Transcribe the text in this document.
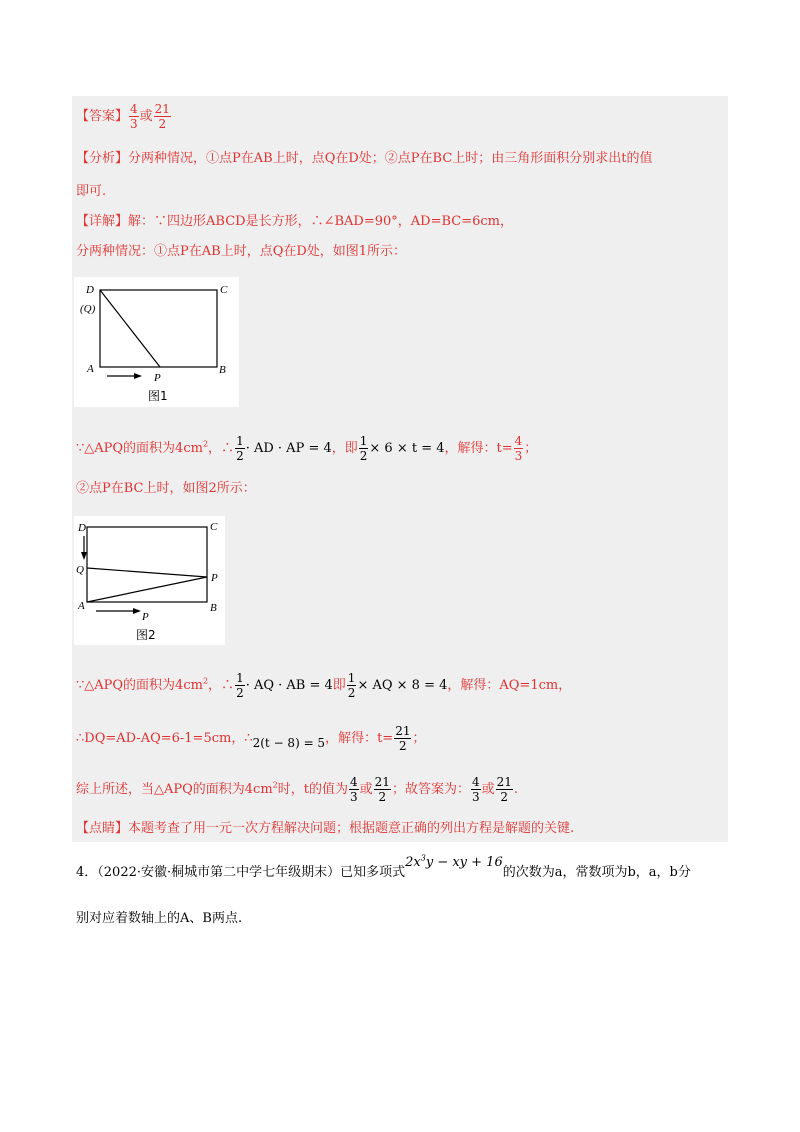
【答案】 $\frac{4}{3}$ 或 $\frac{21}{2}$
【分析】分两种情况，①点P在AB上时，点Q在D处；②点P在BC上时；由三角形面积分别求出t的值
即可.
【详解】解：∵四边形ABCD是长方形，∴∠BAD=90°，AD=BC=6cm，
分两种情况：①点P在AB上时，点Q在D处，如图1所示：
D
(Q)
C
A	B
P
图1
∵△APQ的面积为$4cm^2$，∴ $\frac{1}{2}$ · AD · AP = 4，即 $\frac{1}{2} \times 6 \times t = 4$，解得：$t= \frac{4}{3}$ ；
②点P在BC上时，如图2所示：
D	C
Q
P
A	B
P
图2
∵△APQ的面积为$4cm^2$，∴ $\frac{1}{2}$ · AQ · AB = 4即 $\frac{1}{2}$ × AQ × 8 = 4，解得：AQ=1cm，
∴DQ=AD-AQ=6-1=5cm，∴2(t − 8) = 5，解得：$t= \frac{21}{2}$ ；
综上所述，当△APQ的面积为$4cm^2$时，t的值为 $\frac{4}{3}$ 或 $\frac{21}{2}$ ；故答案为： $\frac{4}{3}$ 或 $\frac{21}{2}$ .
【点睛】本题考查了用一元一次方程解决问题；根据题意正确的列出方程是解题的关键.
4．（2022·安徽·桐城市第二中学七年级期末）已知多项式$2x^3y$ − xy + 16的次数为a，常数项为b，a，b分
别对应着数轴上的A、B两点.
